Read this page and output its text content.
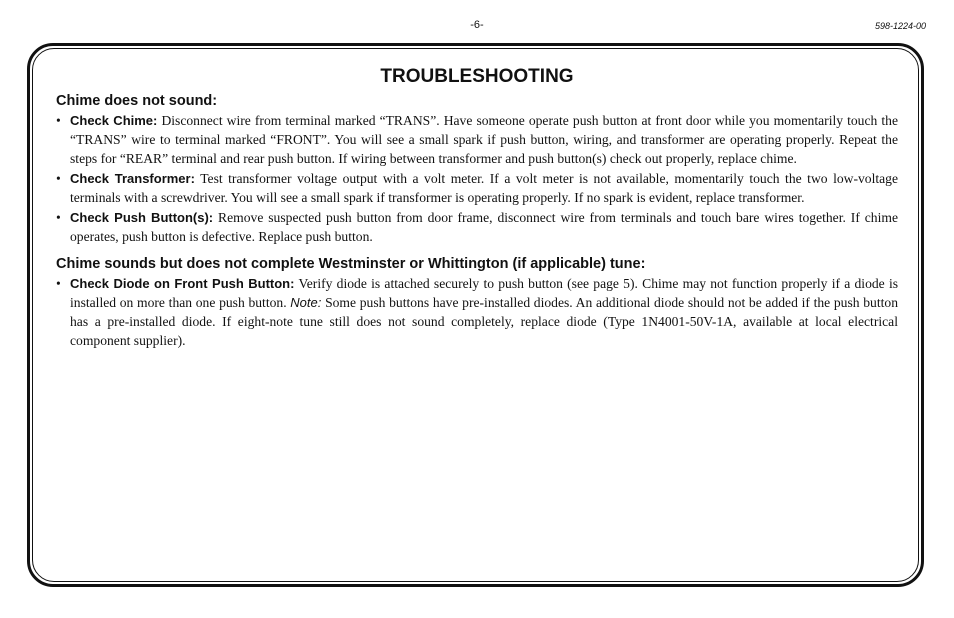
-6-	598-1224-00
TROUBLESHOOTING
Chime does not sound:
• Check Chime: Disconnect wire from terminal marked “TRANS”. Have someone operate push button at front door while you momentarily touch the “TRANS” wire to terminal marked “FRONT”. You will see a small spark if push button, wiring, and transformer are operating properly. Repeat the steps for “REAR” terminal and rear push button. If wiring between transformer and push button(s) check out properly, replace chime.
• Check Transformer: Test transformer voltage output with a volt meter. If a volt meter is not available, momentarily touch the two low-voltage terminals with a screwdriver. You will see a small spark if transformer is operating properly. If no spark is evident, replace transformer.
• Check Push Button(s): Remove suspected push button from door frame, disconnect wire from terminals and touch bare wires together. If chime operates, push button is defective. Replace push button.
Chime sounds but does not complete Westminster or Whittington (if applicable) tune:
• Check Diode on Front Push Button: Verify diode is attached securely to push button (see page 5). Chime may not function properly if a diode is installed on more than one push button. Note: Some push buttons have pre-installed diodes. An additional diode should not be added if the push button has a pre-installed diode. If eight-note tune still does not sound completely, replace diode (Type 1N4001-50V-1A, available at local electrical component supplier).
